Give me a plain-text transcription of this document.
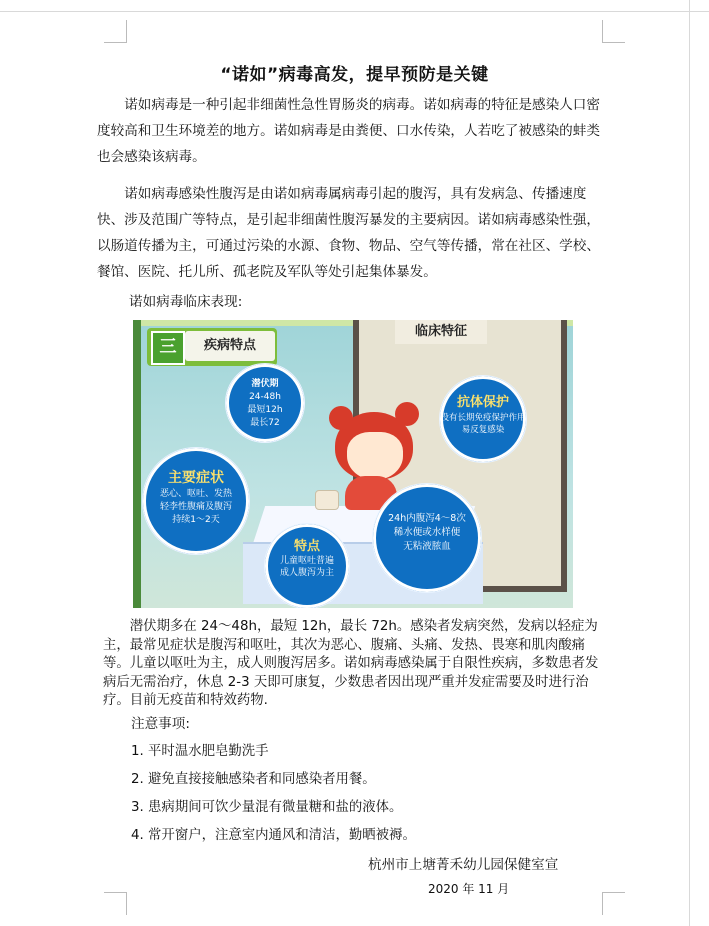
“诺如”病毒高发，提早预防是关键

诺如病毒是一种引起非细菌性急性胃肠炎的病毒。诺如病毒的特征是感染人口密度较高和卫生环境差的地方。诺如病毒是由粪便、口水传染，人若吃了被感染的蚌类也会感染该病毒。

诺如病毒感染性腹泻是由诺如病毒属病毒引起的腹泻，具有发病急、传播速度快、涉及范围广等特点，是引起非细菌性腹泻暴发的主要病因。诺如病毒感染性强，以肠道传播为主，可通过污染的水源、食物、物品、空气等传播，常在社区、学校、餐馆、医院、托儿所、孤老院及军队等处引起集体暴发。

诺如病毒临床表现:
临床特征
三	疾病特点
潜伏期
24-48h
最短12h
最长72
抗体保护
没有长期免疫保护作用
易反复感染
主要症状
恶心、呕吐、发热
轻李性腹痛及腹泻
持续1～2天	24h内腹泻4～8次
稀水便或水样便
无粘液脓血
特点
儿童呕吐普遍
成人腹泻为主

潜伏期多在 24～48h，最短 12h，最长 72h。感染者发病突然，发病以轻症为主，最常见症状是腹泻和呕吐，其次为恶心、腹痛、头痛、发热、畏寒和肌肉酸痛等。儿童以呕吐为主，成人则腹泻居多。诺如病毒感染属于自限性疾病，多数患者发病后无需治疗，休息 2-3 天即可康复，少数患者因出现严重并发症需要及时进行治疗。目前无疫苗和特效药物.

注意事项:
1. 平时温水肥皂勤洗手
2. 避免直接接触感染者和同感染者用餐。
3. 患病期间可饮少量混有微量糖和盐的液体。
4. 常开窗户，注意室内通风和清洁，勤晒被褥。
杭州市上塘菁禾幼儿园保健室宣
2020 年 11 月
